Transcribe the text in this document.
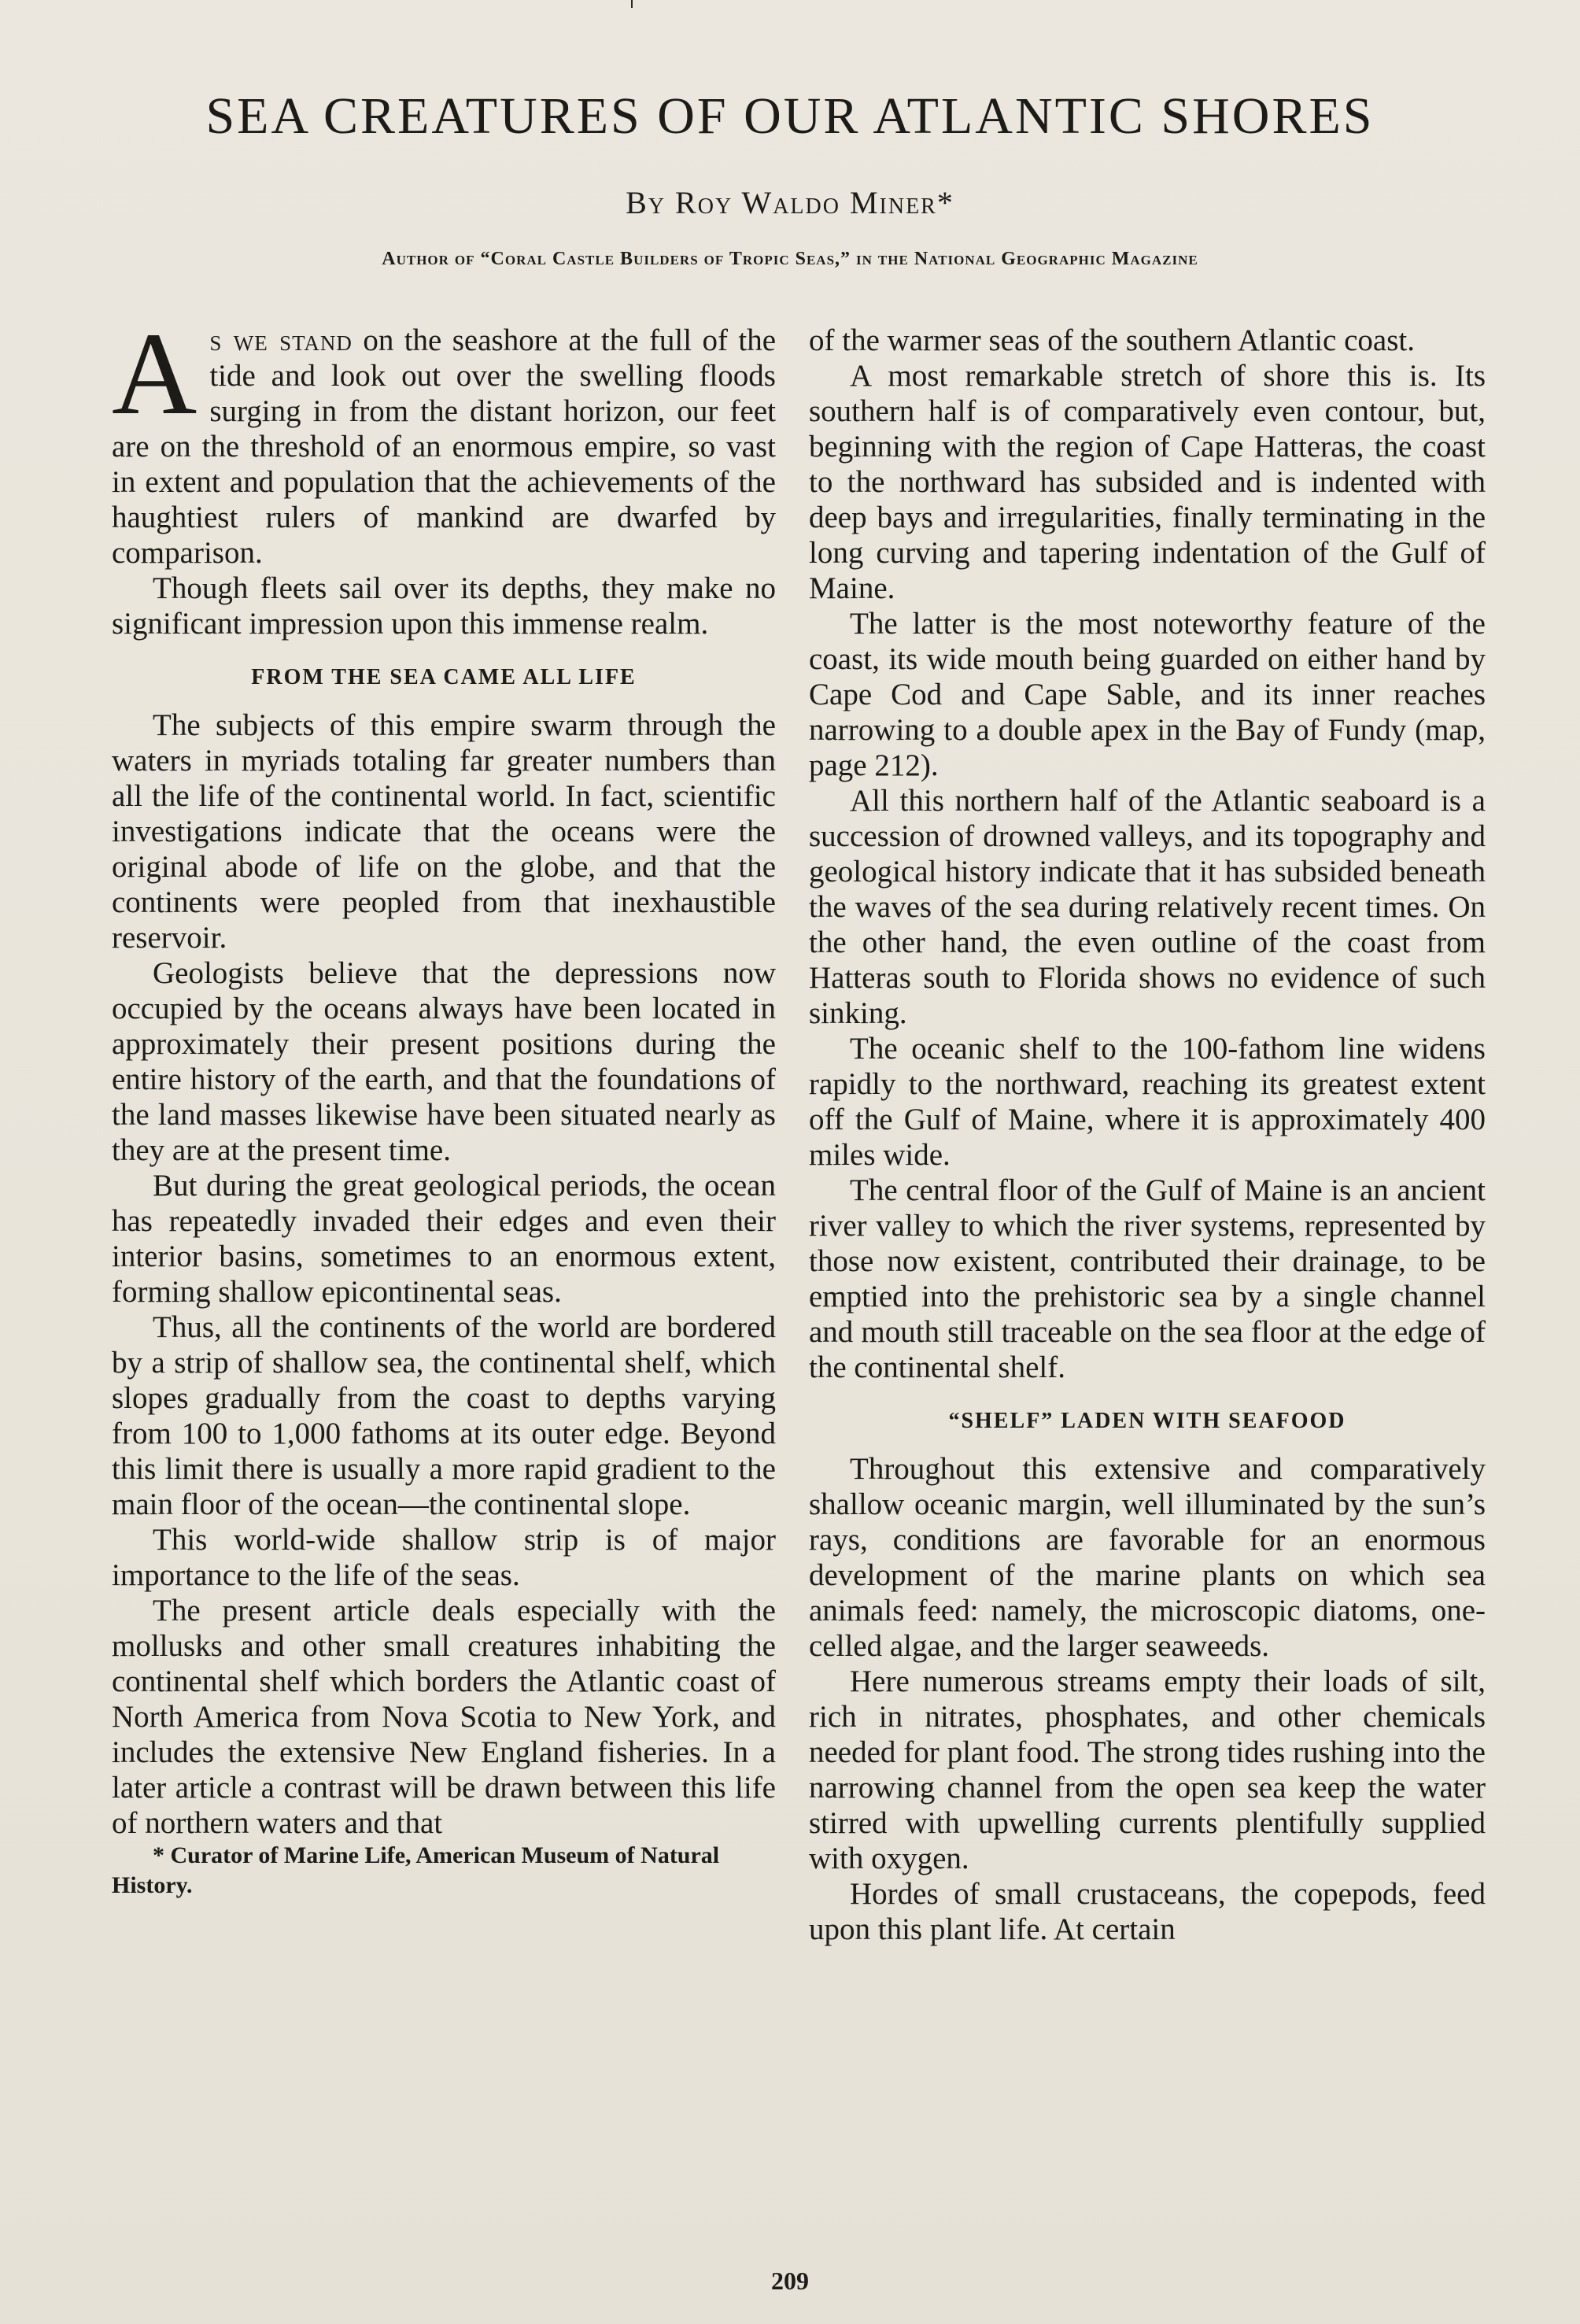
SEA CREATURES OF OUR ATLANTIC SHORES
By Roy Waldo Miner*
Author of “Coral Castle Builders of Tropic Seas,” in the National Geographic Magazine

As we stand on the seashore at the full of the tide and look out over the swelling floods surging in from the distant horizon, our feet are on the threshold of an enormous empire, so vast in extent and population that the achievements of the haughtiest rulers of mankind are dwarfed by comparison.

Though fleets sail over its depths, they make no significant impression upon this immense realm.

FROM THE SEA CAME ALL LIFE

The subjects of this empire swarm through the waters in myriads totaling far greater numbers than all the life of the continental world. In fact, scientific investigations indicate that the oceans were the original abode of life on the globe, and that the continents were peopled from that inexhaustible reservoir.

Geologists believe that the depressions now occupied by the oceans always have been located in approximately their present positions during the entire history of the earth, and that the foundations of the land masses likewise have been situated nearly as they are at the present time.

But during the great geological periods, the ocean has repeatedly invaded their edges and even their interior basins, sometimes to an enormous extent, forming shallow epicontinental seas.

Thus, all the continents of the world are bordered by a strip of shallow sea, the continental shelf, which slopes gradually from the coast to depths varying from 100 to 1,000 fathoms at its outer edge. Beyond this limit there is usually a more rapid gradient to the main floor of the ocean—the continental slope.

This world-wide shallow strip is of major importance to the life of the seas.

The present article deals especially with the mollusks and other small creatures inhabiting the continental shelf which borders the Atlantic coast of North America from Nova Scotia to New York, and includes the extensive New England fisheries. In a later article a contrast will be drawn between this life of northern waters and that

* Curator of Marine Life, American Museum of Natural History.

of the warmer seas of the southern Atlantic coast.

A most remarkable stretch of shore this is. Its southern half is of comparatively even contour, but, beginning with the region of Cape Hatteras, the coast to the northward has subsided and is indented with deep bays and irregularities, finally terminating in the long curving and tapering indentation of the Gulf of Maine.

The latter is the most noteworthy feature of the coast, its wide mouth being guarded on either hand by Cape Cod and Cape Sable, and its inner reaches narrowing to a double apex in the Bay of Fundy (map, page 212).

All this northern half of the Atlantic seaboard is a succession of drowned valleys, and its topography and geological history indicate that it has subsided beneath the waves of the sea during relatively recent times. On the other hand, the even outline of the coast from Hatteras south to Florida shows no evidence of such sinking.

The oceanic shelf to the 100-fathom line widens rapidly to the northward, reaching its greatest extent off the Gulf of Maine, where it is approximately 400 miles wide.

The central floor of the Gulf of Maine is an ancient river valley to which the river systems, represented by those now existent, contributed their drainage, to be emptied into the prehistoric sea by a single channel and mouth still traceable on the sea floor at the edge of the continental shelf.

“SHELF” LADEN WITH SEAFOOD

Throughout this extensive and comparatively shallow oceanic margin, well illuminated by the sun’s rays, conditions are favorable for an enormous development of the marine plants on which sea animals feed: namely, the microscopic diatoms, one-celled algae, and the larger seaweeds.

Here numerous streams empty their loads of silt, rich in nitrates, phosphates, and other chemicals needed for plant food. The strong tides rushing into the narrowing channel from the open sea keep the water stirred with upwelling currents plentifully supplied with oxygen.

Hordes of small crustaceans, the copepods, feed upon this plant life. At certain

209
